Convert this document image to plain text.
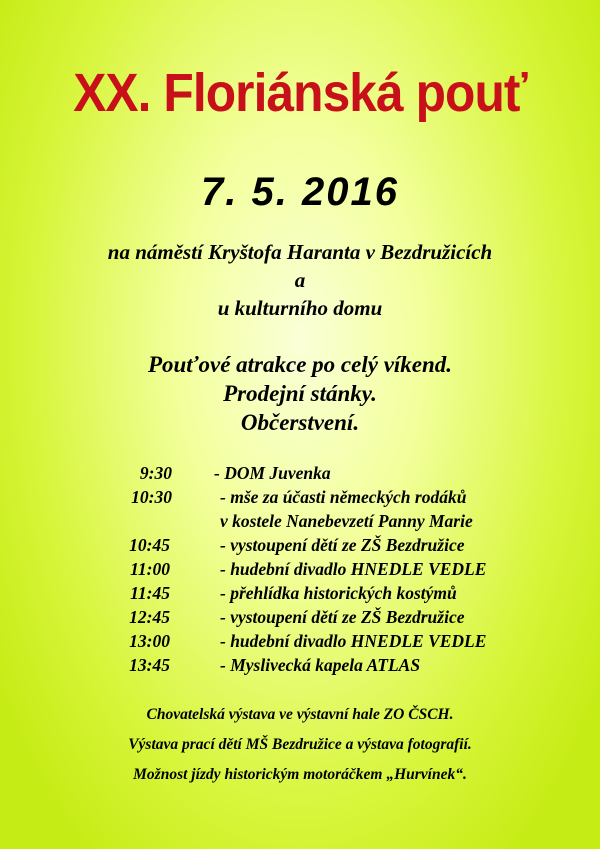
XX. Floriánská pouť
7. 5. 2016
na náměstí Kryštofa Haranta v Bezdružicích
a
u kulturního domu
Pouťové atrakce po celý víkend.
Prodejní stánky.
Občerstvení.
9:30 - DOM Juvenka
10:30	- mše za účasti německých rodáků
v kostele Nanebevzetí Panny Marie
10:45	- vystoupení dětí ze ZŠ Bezdružice
11:00	- hudební divadlo HNEDLE VEDLE
11:45	- přehlídka historických kostýmů
12:45	- vystoupení dětí ze ZŠ Bezdružice
13:00	- hudební divadlo HNEDLE VEDLE
13:45	- Myslivecká kapela ATLAS
Chovatelská výstava ve výstavní hale ZO ČSCH.
Výstava prací dětí MŠ Bezdružice a výstava fotografií.
Možnost jízdy historickým motoráčkem „Hurvínek“.
